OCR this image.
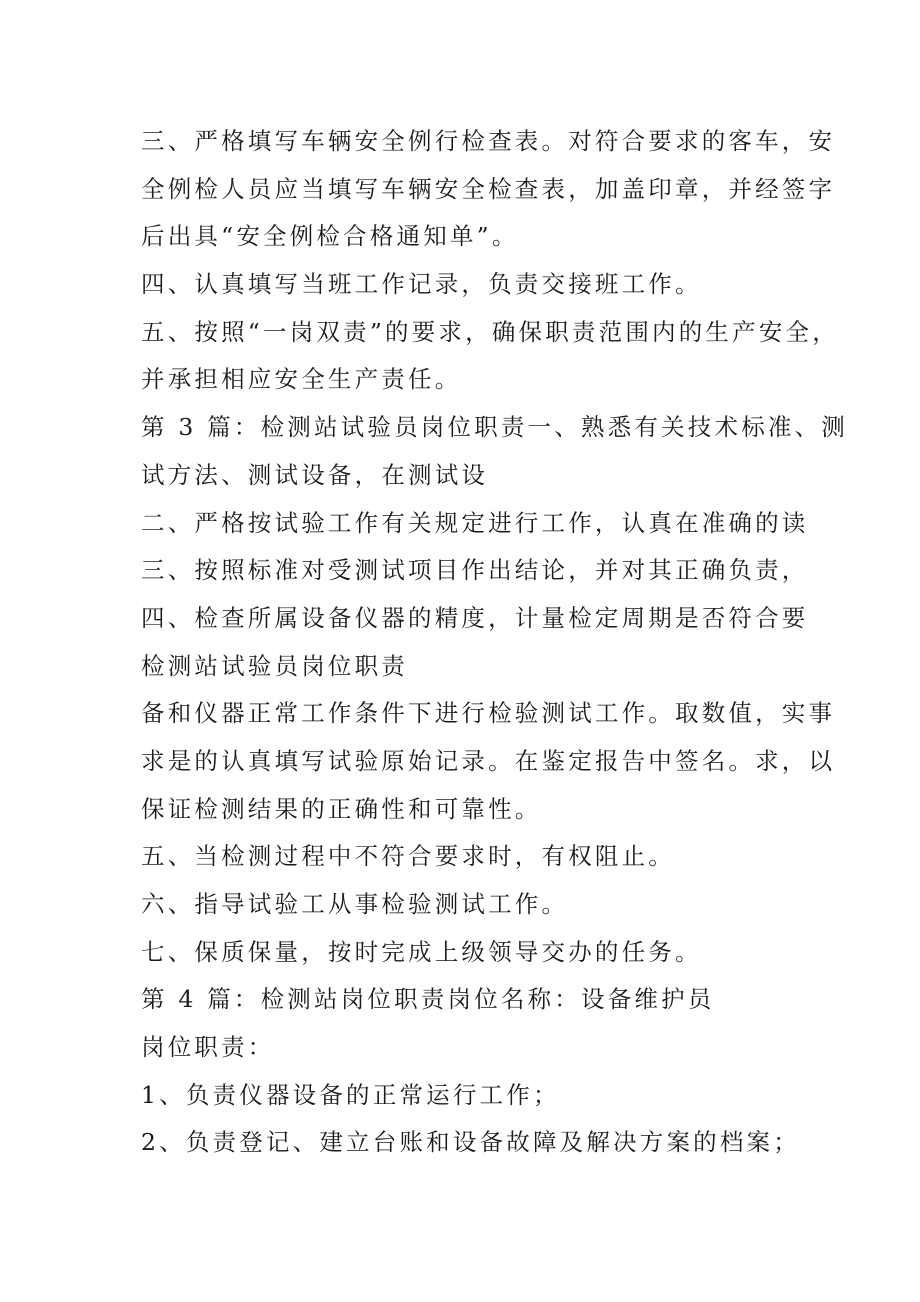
三、严格填写车辆安全例行检查表。对符合要求的客车，安
全例检人员应当填写车辆安全检查表，加盖印章，并经签字
后出具“安全例检合格通知单”。
四、认真填写当班工作记录，负责交接班工作。
五、按照“一岗双责”的要求，确保职责范围内的生产安全，
并承担相应安全生产责任。
第 3 篇：检测站试验员岗位职责一、熟悉有关技术标准、测
试方法、测试设备，在测试设
二、严格按试验工作有关规定进行工作，认真在准确的读
三、按照标准对受测试项目作出结论，并对其正确负责，
四、检查所属设备仪器的精度，计量检定周期是否符合要
检测站试验员岗位职责
备和仪器正常工作条件下进行检验测试工作。取数值，实事
求是的认真填写试验原始记录。在鉴定报告中签名。求，以
保证检测结果的正确性和可靠性。
五、当检测过程中不符合要求时，有权阻止。
六、指导试验工从事检验测试工作。
七、保质保量，按时完成上级领导交办的任务。
第 4 篇：检测站岗位职责岗位名称：设备维护员
岗位职责：
1、负责仪器设备的正常运行工作；
2、负责登记、建立台账和设备故障及解决方案的档案；
